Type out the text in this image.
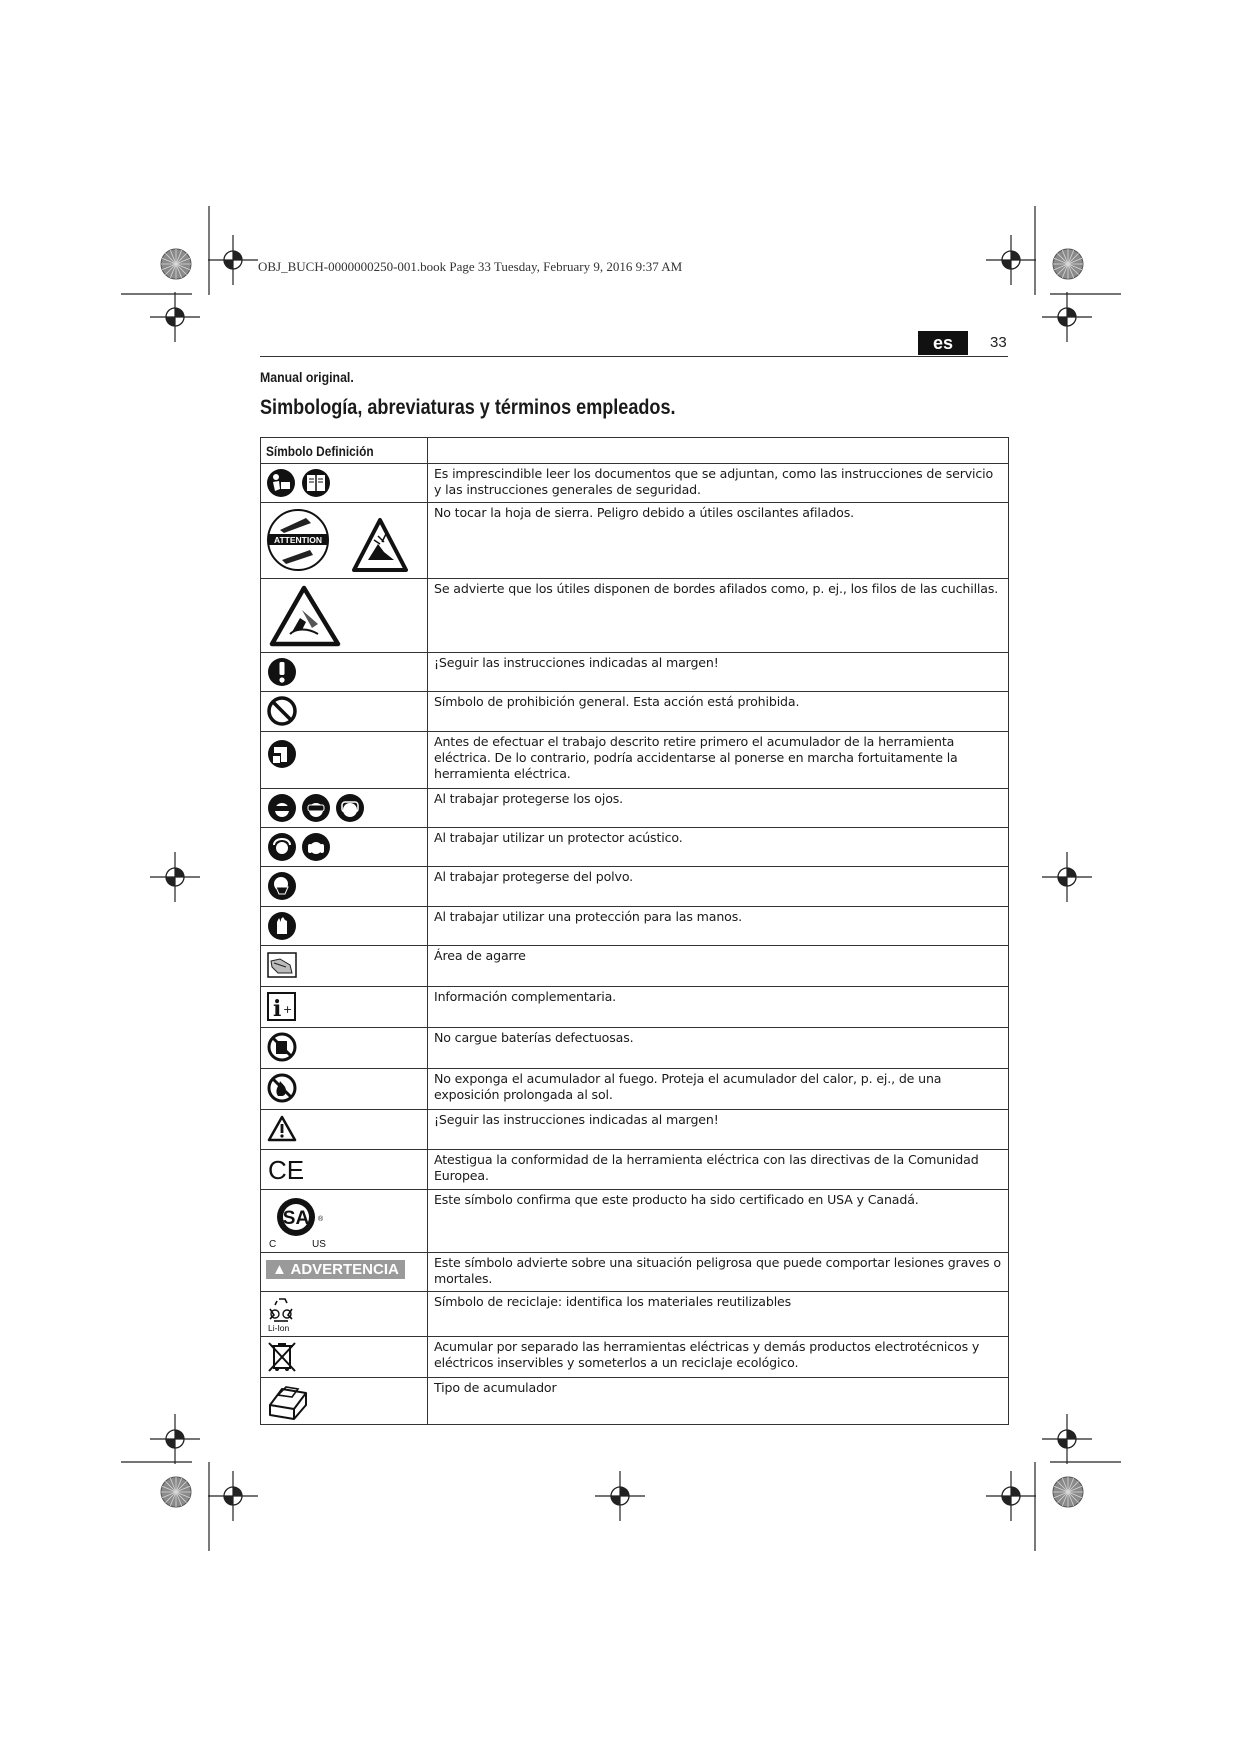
OBJ_BUCH-0000000250-001.book Page 33 Tuesday, February 9, 2016 9:37 AM
es	33
Manual original.
Simbología, abreviaturas y términos empleados.
Símbolo Definición	

	Es imprescindible leer los documentos que se adjuntan, como las instrucciones de servicio y las instrucciones generales de seguridad.

ATTENTION	No tocar la hoja de sierra. Peligro debido a útiles oscilantes afilados.

	Se advierte que los útiles disponen de bordes afilados como, p. ej., los filos de las cuchillas.

	¡Seguir las instrucciones indicadas al margen!

	Símbolo de prohibición general. Esta acción está prohibida.

	Antes de efectuar el trabajo descrito retire primero el acumulador de la herramienta eléctrica. De lo contrario, podría accidentarse al ponerse en marcha fortuitamente la herramienta eléctrica.

	Al trabajar protegerse los ojos.

	Al trabajar utilizar un protector acústico.

	Al trabajar protegerse del polvo.

	Al trabajar utilizar una protección para las manos.

	Área de agarre

i +	Información complementaria.

	No cargue baterías defectuosas.

	No exponga el acumulador al fuego. Proteja el acumulador del calor, p. ej., de una exposición prolongada al sol.

	¡Seguir las instrucciones indicadas al margen!

CE	Atestigua la conformidad de la herramienta eléctrica con las directivas de la Comunidad Europea.

SA ®
C US	Este símbolo confirma que este producto ha sido certificado en USA y Canadá.
▲ ADVERTENCIA	Este símbolo advierte sobre una situación peligrosa que puede comportar lesiones graves o mortales.

Li-Ion	Símbolo de reciclaje: identifica los materiales reutilizables

	Acumular por separado las herramientas eléctricas y demás productos electrotécnicos y eléctricos inservibles y someterlos a un reciclaje ecológico.

	Tipo de acumulador
